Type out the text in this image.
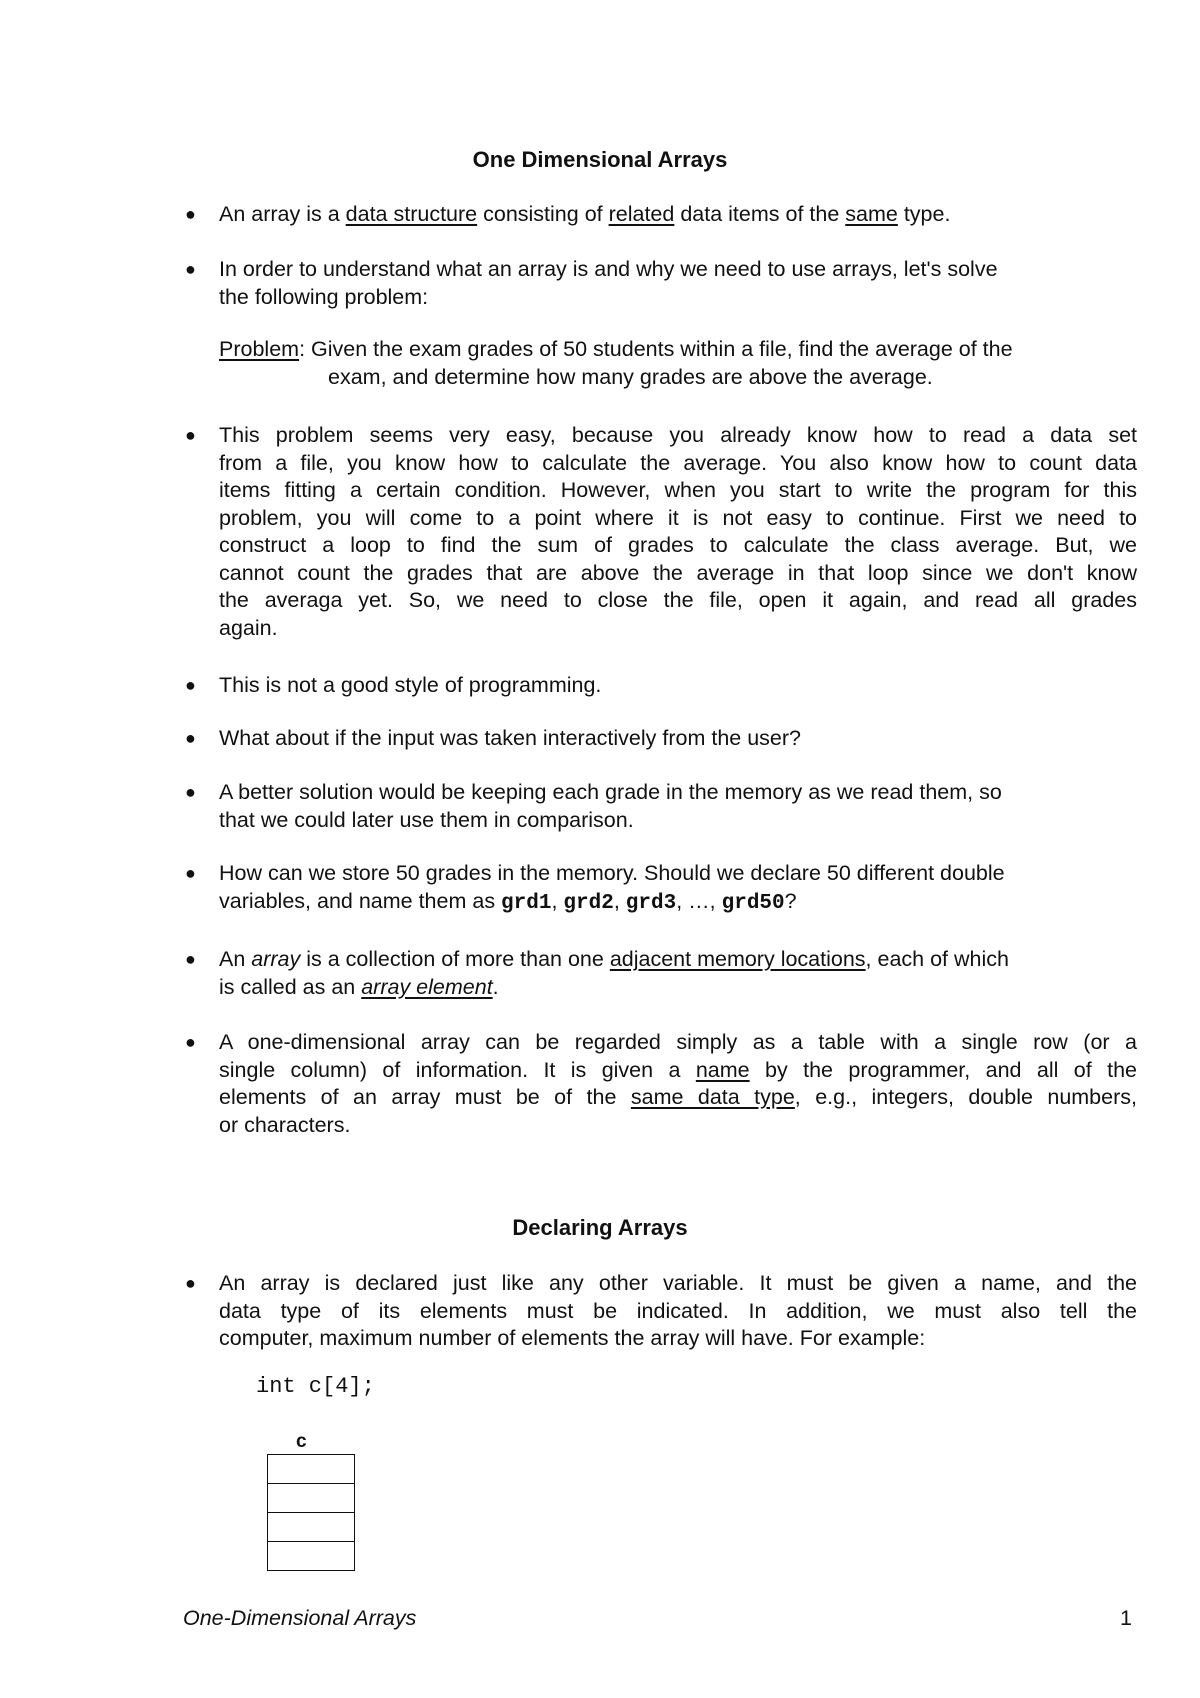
One Dimensional Arrays
● An array is a data structure consisting of related data items of the same type.
● In order to understand what an array is and why we need to use arrays, let's solve
the following problem:
Problem: Given the exam grades of 50 students within a file, find the average of the
exam, and determine how many grades are above the average.
● This problem seems very easy, because you already know how to read a data set
from a file, you know how to calculate the average. You also know how to count data
items fitting a certain condition. However, when you start to write the program for this
problem, you will come to a point where it is not easy to continue. First we need to
construct a loop to find the sum of grades to calculate the class average. But, we
cannot count the grades that are above the average in that loop since we don't know
the averaga yet. So, we need to close the file, open it again, and read all grades
again.
● This is not a good style of programming.
● What about if the input was taken interactively from the user?
● A better solution would be keeping each grade in the memory as we read them, so
that we could later use them in comparison.
● How can we store 50 grades in the memory. Should we declare 50 different double
variables, and name them as grd1, grd2, grd3, …, grd50?
● An array is a collection of more than one adjacent memory locations, each of which
is called as an array element.
● A one-dimensional array can be regarded simply as a table with a single row (or a
single column) of information. It is given a name by the programmer, and all of the
elements of an array must be of the same data type, e.g., integers, double numbers,
or characters.
Declaring Arrays
● An array is declared just like any other variable. It must be given a name, and the
data type of its elements must be indicated. In addition, we must also tell the
computer, maximum number of elements the array will have. For example:
int c[4];
c
One-Dimensional Arrays	1
